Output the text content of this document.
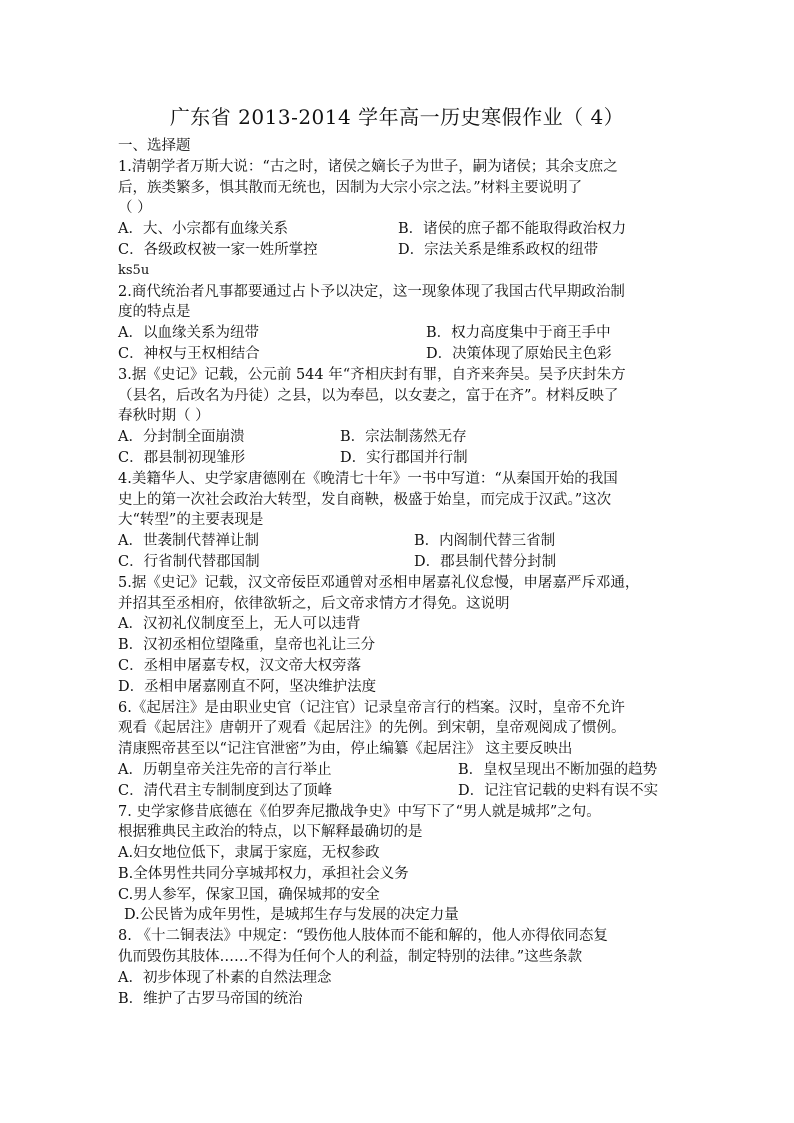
广东省 2013-2014 学年高一历史寒假作业（ 4）
一、选择题
1.清朝学者万斯大说：“古之时，诸侯之嫡长子为世子，嗣为诸侯；其余支庶之
后，族类繁多，惧其散而无统也，因制为大宗小宗之法。”材料主要说明了
（ ）
A．大、小宗都有血缘关系	B．诸侯的庶子都不能取得政治权力
C．各级政权被一家一姓所掌控	D．宗法关系是维系政权的纽带
ks5u
2.商代统治者凡事都要通过占卜予以决定，这一现象体现了我国古代早期政治制
度的特点是
A．以血缘关系为纽带	B．权力高度集中于商王手中
C．神权与王权相结合	D．决策体现了原始民主色彩
3.据《史记》记载，公元前 544 年“齐相庆封有罪，自齐来奔吴。吴予庆封朱方
（县名，后改名为丹徒）之县，以为奉邑，以女妻之，富于在齐”。材料反映了
春秋时期（ ）
A．分封制全面崩溃	B．宗法制荡然无存
C．郡县制初现雏形	D．实行郡国并行制
4.美籍华人、史学家唐德刚在《晚清七十年》一书中写道：“从秦国开始的我国
史上的第一次社会政治大转型，发自商鞅，极盛于始皇，而完成于汉武。”这次
大“转型”的主要表现是
A．世袭制代替禅让制	B．内阁制代替三省制
C．行省制代替郡国制	D．郡县制代替分封制
5.据《史记》记载，汉文帝佞臣邓通曾对丞相申屠嘉礼仪怠慢，申屠嘉严斥邓通，
并招其至丞相府，依律欲斩之，后文帝求情方才得免。这说明
A．汉初礼仪制度至上，无人可以违背
B．汉初丞相位望隆重，皇帝也礼让三分
C．丞相申屠嘉专权，汉文帝大权旁落
D．丞相申屠嘉刚直不阿，坚决维护法度
6.《起居注》是由职业史官（记注官）记录皇帝言行的档案。汉时，皇帝不允许
观看《起居注》唐朝开了观看《起居注》的先例。到宋朝，皇帝观阅成了惯例。
清康熙帝甚至以“记注官泄密”为由，停止编纂《起居注》 这主要反映出
A．历朝皇帝关注先帝的言行举止	B．皇权呈现出不断加强的趋势
C．清代君主专制制度到达了顶峰	D．记注官记载的史料有误不实
7. 史学家修昔底德在《伯罗奔尼撒战争史》中写下了“男人就是城邦”之句。
根据雅典民主政治的特点，以下解释最确切的是
A.妇女地位低下，隶属于家庭，无权参政
B.全体男性共同分享城邦权力，承担社会义务
C.男人参军，保家卫国，确保城邦的安全
D.公民皆为成年男性，是城邦生存与发展的决定力量
8. 《十二铜表法》中规定：“毁伤他人肢体而不能和解的，他人亦得依同态复
仇而毁伤其肢体……不得为任何个人的利益，制定特别的法律。”这些条款
A．初步体现了朴素的自然法理念
B．维护了古罗马帝国的统治
